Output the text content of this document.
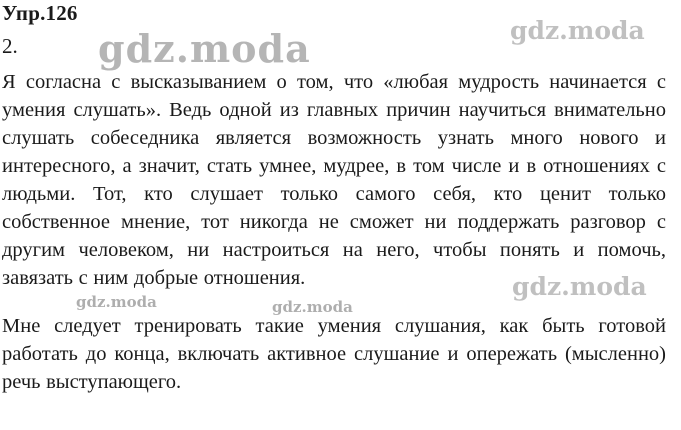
Упр.126
2.

Я согласна с высказыванием о том, что «любая мудрость начинается с умения слушать». Ведь одной из главных причин научиться внимательно слушать собеседника является возможность узнать много нового и интересного, а значит, стать умнее, мудрее, в том числе и в отношениях с людьми. Тот, кто слушает только самого себя, кто ценит только собственное мнение, тот никогда не сможет ни поддержать разговор с другим человеком, ни настроиться на него, чтобы понять и помочь, завязать с ним добрые отношения.

Мне следует тренировать такие умения слушания, как быть готовой работать до конца, включать активное слушание и опережать (мысленно) речь выступающего.

gdz.moda	gdz.moda
gdz.moda
gdz.moda	gdz.moda
